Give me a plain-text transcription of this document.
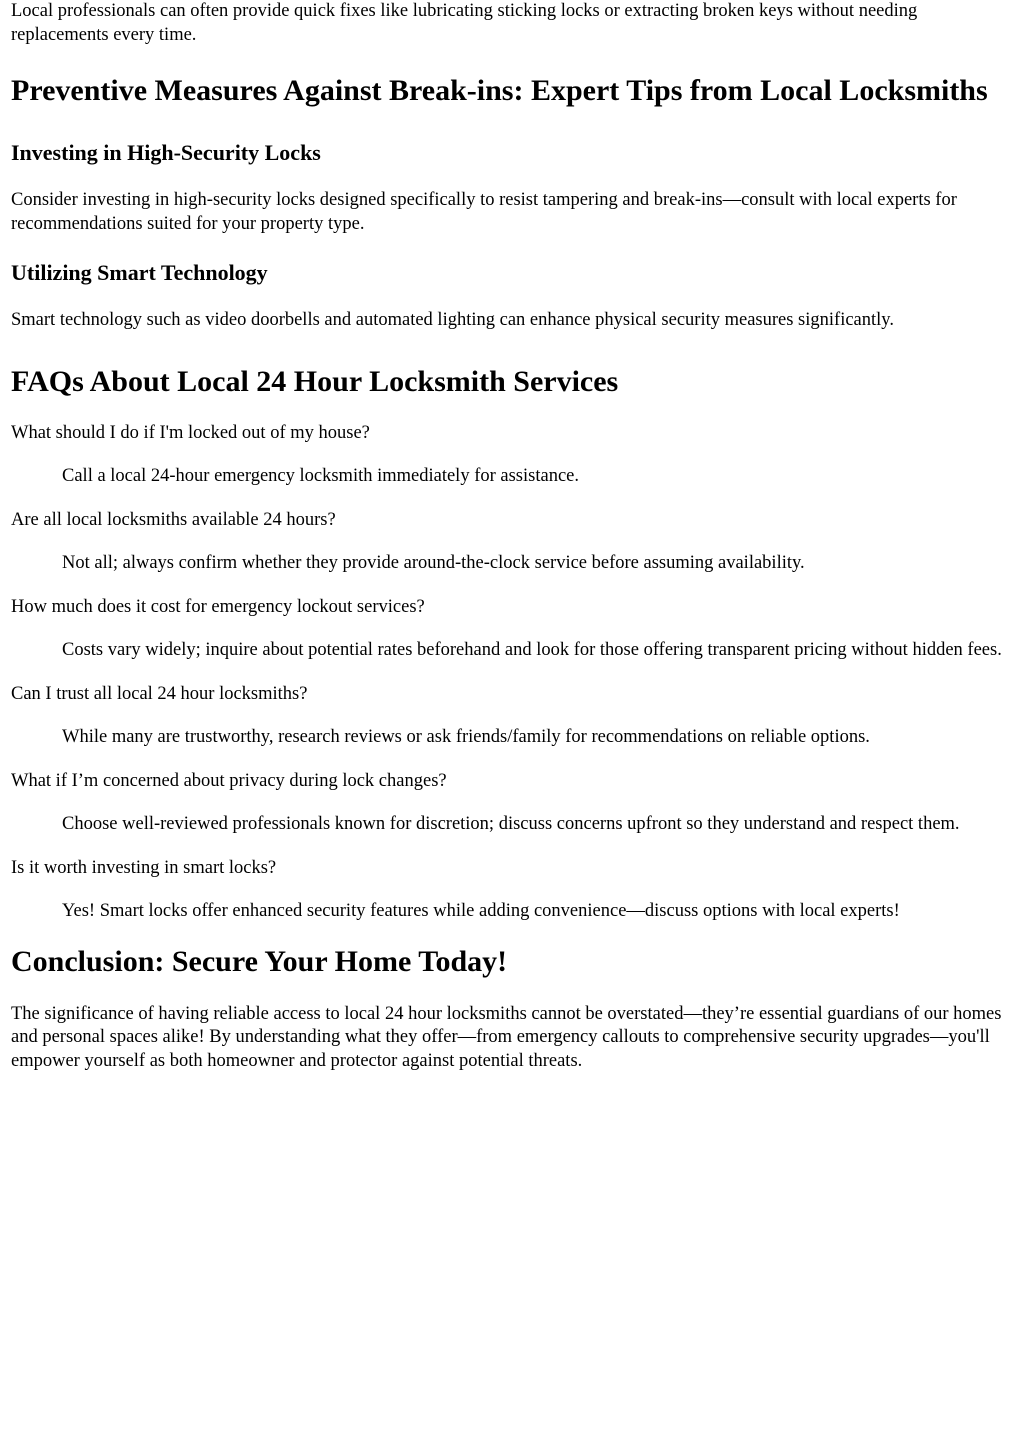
Local professionals can often provide quick fixes like lubricating sticking locks or extracting broken keys without needing replacements every time.

Preventive Measures Against Break-ins: Expert Tips from Local Locksmiths
Investing in High-Security Locks

Consider investing in high-security locks designed specifically to resist tampering and break-ins—consult with local experts for recommendations suited for your property type.

Utilizing Smart Technology

Smart technology such as video doorbells and automated lighting can enhance physical security measures significantly.

FAQs About Local 24 Hour Locksmith Services

What should I do if I'm locked out of my house?

Call a local 24-hour emergency locksmith immediately for assistance.

Are all local locksmiths available 24 hours?

Not all; always confirm whether they provide around-the-clock service before assuming availability.

How much does it cost for emergency lockout services?

Costs vary widely; inquire about potential rates beforehand and look for those offering transparent pricing without hidden fees.

Can I trust all local 24 hour locksmiths?

While many are trustworthy, research reviews or ask friends/family for recommendations on reliable options.

What if I’m concerned about privacy during lock changes?

Choose well-reviewed professionals known for discretion; discuss concerns upfront so they understand and respect them.

Is it worth investing in smart locks?

Yes! Smart locks offer enhanced security features while adding convenience—discuss options with local experts!

Conclusion: Secure Your Home Today!

The significance of having reliable access to local 24 hour locksmiths cannot be overstated—they’re essential guardians of our homes and personal spaces alike! By understanding what they offer—from emergency callouts to comprehensive security upgrades—you'll empower yourself as both homeowner and protector against potential threats.
